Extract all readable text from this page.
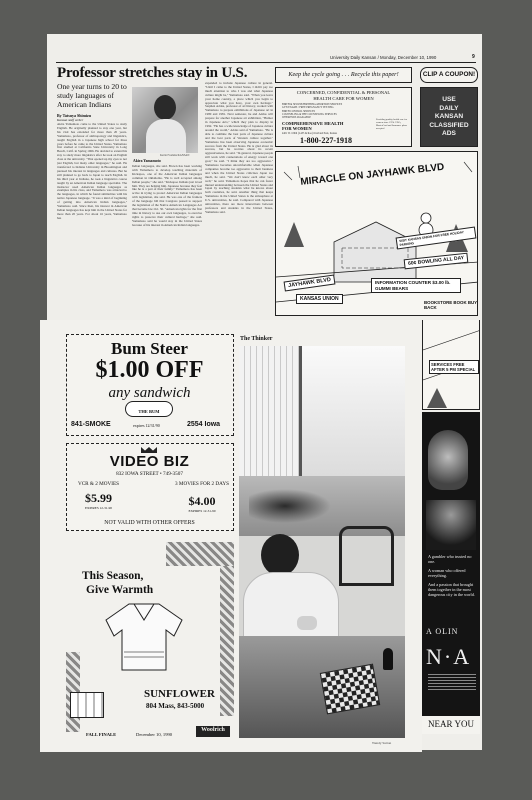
University Daily Kansan / Monday, December 10, 1990	9
Professor stretches stay in U.S.
One year turns to 20 to study languages of American Indians
By Tatsuya Shimizu
Kansan staff writer
Akira Yamamoto came to the United States to study English. He originally planned to stay one year, but his visit has extended for more than 20 years. Yamamoto, professor of anthropology and linguistics, taught English in a Japanese high school for three years before he came to the United States. Yamamoto first studied at California State University in Long Beach, Calif. in Spring 1966. He decided to extend his stay to study more linguistics after he took an English class at the university. "That opened up my eyes to not just English, but many other languages," he said. He transferred to Indiana University in Bloomington and pursued his interest in languages and cultures. But he still planned to go back to Japan to teach English. In his third year at Indiana, he took a linguistics course taught by an American Indian language specialist. The instructor used American Indian languages as examples in his class, and Yamamoto was attracted to the languages, in which he found similarities with his native Japanese language. "It was a kind of beginning of getting into American Indian languages," Yamamoto said. Since then, his interest in American Indian languages has kept him in the United States for more than 20 years. For about 16 years, Yamamoto has
Kevin Fromme/KANSAN
Akira Yamamoto
Indian languages, she said. Brown has been working with Yamamoto to develop teaching materials of Kickapoo, one of the American Indian languages common in Oklahoma. "He is well accepted among Indian people," she said. "Kickapoo Indians just loved him. They are helping him. Japanese because they feel like he is a part of their family." Yamamoto has been active in trying to protect American Indian languages with legislation, she said. He was one of the framers of the language bill that Congress passed to support the legislation of the Native American Languages Act that became law Oct. 30. "American rights for the first time in history to use our own languages, to exercise rights to preserve their cultural heritage," she said. Yamamoto said he would stay in the United States because of his interest in American Indian languages.
expanded to include Japanese culture in general. "Until I came to the United States, I didn't pay too much attention to who I was and what Japanese culture might be," Yamamoto said. "When you leave your home country, a place which you begin to appreciate what you have, your own heritage." Stephen Addas, professor of art history, worked with Yamamoto to prepare exhibitions of Japanese art in 1980 and 1981. Next semester, he and Addas will prepare for another Japanese art exhibition, "Humor in Japanese Arts," which they plan to display in 1992. "He has a wide knowledge of Japanese culture around the world," Addas said of Yamamoto. "He is able to combine the best parts of Japanese culture and the best parts of Western culture together." Yamamoto has been observing Japanese economic success from the United States. He is glad about its success, but he worries about its recent aggressiveness, he said. "In general, Japanese people still work with connotations of energy toward one goal," he said. "I think they are too aggressive." Yamamoto becomes uncomfortable when Japanese companies become too aggressive to their business and when the United States criticizes Japan too much, he said. "We don't know each other very well," he said. Yamamoto hopes that he can foster mutual understanding between the United States and Japan by teaching students what he knows about both countries, he said. Another thing that keeps Yamamoto in the United States is the atmosphere at U.S. universities, he said. Compared with Japanese universities, there are more interactions between professors and students in the United States, Yamamoto said.
Keep the cycle going . . . Recycle this paper!	CLIP A COUPON!
CONCERNED, CONFIDENTIAL & PERSONAL
HEALTH CARE FOR WOMEN
BIRTH & SPOUSE/BIRTHING/ABORTION SERVICES
GYN EXAMS / FREE PREGNANCY TESTING
BIRTH CONTROL SERVICES
COUNSELING & THE COUNSELING SERVICES
WEEKENDS AVAILABLE
COMPREHENSIVE HEALTH
FOR WOMEN
4401 W. 109th (I-435 & Roe) Overland Park, Kansas
1-800-227-1918
Providing quality health care for women since 1974. VISA, MasterCard and Insurance plans accepted
USE
DAILY
KANSAN
CLASSIFIED
ADS
MIRACLE ON JAYHAWK BLVD
JAYHAWK BLVD
KANSAS UNION
VISIT KANSAS UNION FOR FREE HOLIDAY PARKING
60¢ BOWLING ALL DAY
INFORMATION COUNTER $3.00 lb. GUMMI BEARS
BOOKSTORE BOOK BUY BACK
SERVICES FREE AFTER 5 PM SPECIAL
A gambler who trusted no one.
A woman who offered everything.
And a passion that brought them together in the most dangerous city in the world.
A OLIN
N·A
NEAR YOU
Bum Steer
$1.00 OFF
any sandwich
THE BUM
841-SMOKE	expires 12/31/90	2554 Iowa
VIDEO BIZ
832 IOWA STREET • 749-3507
VCR & 2 MOVIES
$5.99
EXPIRES 12-31-90
3 MOVIES FOR 2 DAYS
$4.00
EXPIRES 12-31-90
NOT VALID WITH OTHER OFFERS
This Season,
Give Warmth
SUNFLOWER
804 Mass, 843-5000
FALL FINALE	December 10, 1990
Woolrich
The Thinker
Wendy Sutton
